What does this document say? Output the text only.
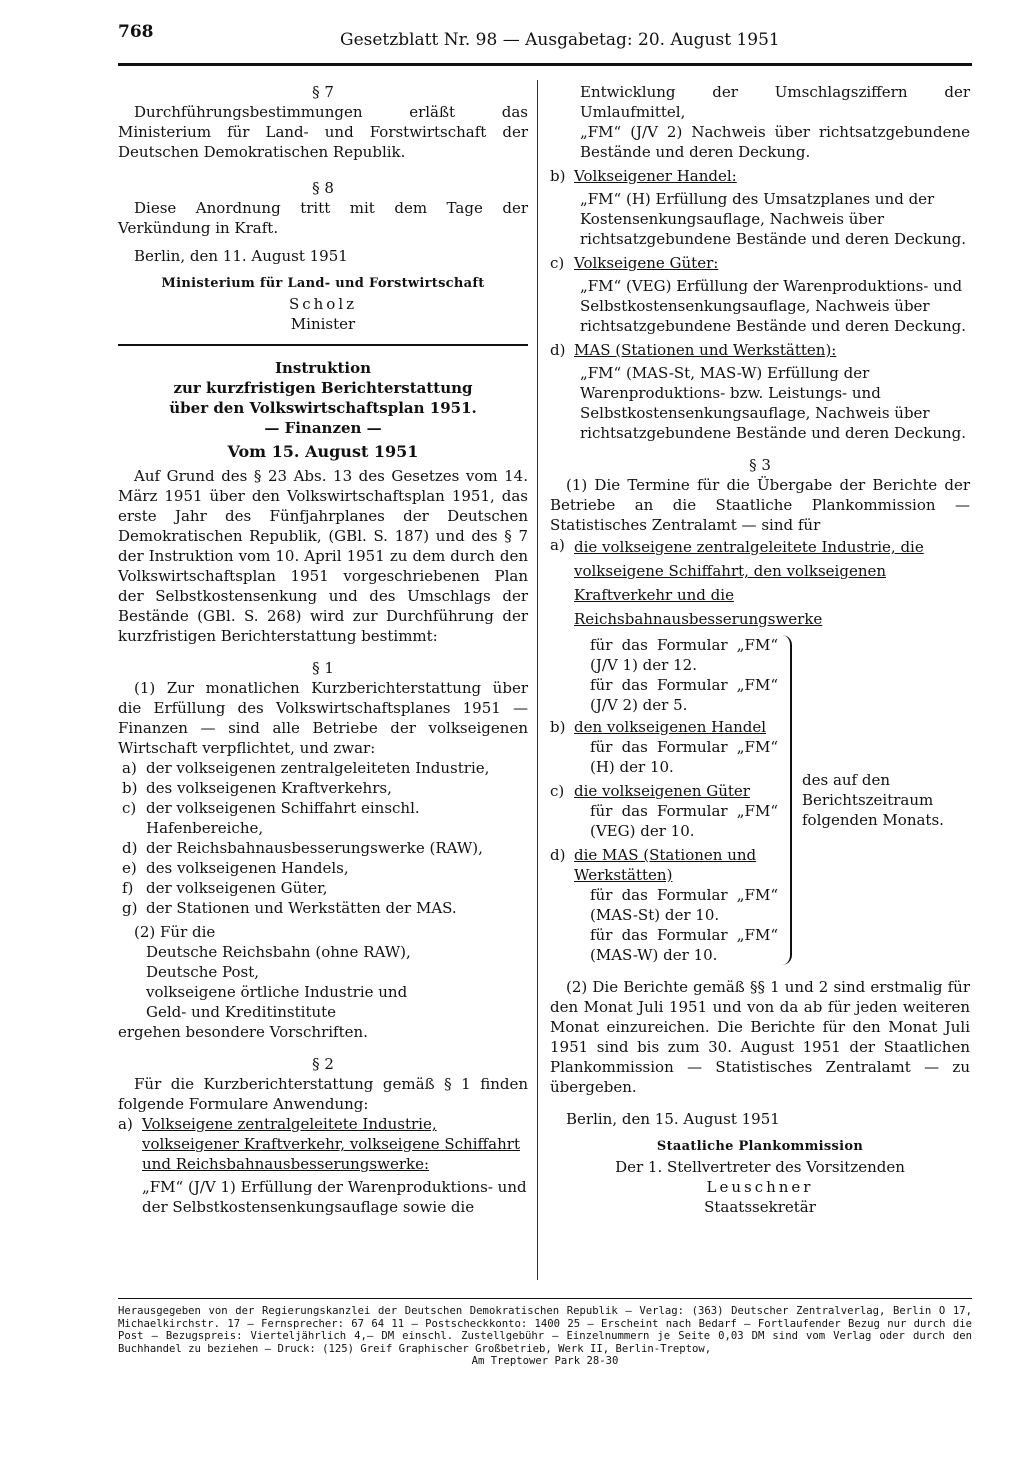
768	Gesetzblatt Nr. 98 — Ausgabetag: 20. August 1951

§ 7

Durchführungsbestimmungen erläßt das Ministerium für Land- und Forstwirtschaft der Deutschen Demokratischen Republik.

§ 8

Diese Anordnung tritt mit dem Tage der Verkündung in Kraft.

Berlin, den 11. August 1951

Ministerium für Land- und Forstwirtschaft

Scholz

Minister

Instruktion

zur kurzfristigen Berichterstattung

über den Volkswirtschaftsplan 1951.

— Finanzen —

Vom 15. August 1951

Auf Grund des § 23 Abs. 13 des Gesetzes vom 14. März 1951 über den Volkswirtschaftsplan 1951, das erste Jahr des Fünfjahrplanes der Deutschen Demokratischen Republik, (GBl. S. 187) und des § 7 der Instruktion vom 10. April 1951 zu dem durch den Volkswirtschaftsplan 1951 vorgeschriebenen Plan der Selbstkostensenkung und des Umschlags der Bestände (GBl. S. 268) wird zur Durchführung der kurzfristigen Berichterstattung bestimmt:

§ 1

(1) Zur monatlichen Kurzberichterstattung über die Erfüllung des Volkswirtschaftsplanes 1951 — Finanzen — sind alle Betriebe der volkseigenen Wirtschaft verpflichtet, und zwar:

a) der volkseigenen zentralgeleiteten Industrie,
b) des volkseigenen Kraftverkehrs,
c) der volkseigenen Schiffahrt einschl. Hafenbereiche,
d) der Reichsbahnausbesserungswerke (RAW),
e) des volkseigenen Handels,
f) der volkseigenen Güter,
g) der Stationen und Werkstätten der MAS.

(2) Für die

Deutsche Reichsbahn (ohne RAW),

Deutsche Post,

volkseigene örtliche Industrie und

Geld- und Kreditinstitute

ergehen besondere Vorschriften.

§ 2

Für die Kurzberichterstattung gemäß § 1 finden folgende Formulare Anwendung:

a) Volkseigene zentralgeleitete Industrie, volkseigener Kraftverkehr, volkseigene Schiffahrt und Reichsbahnausbesserungswerke:
„FM“ (J/V 1) Erfüllung der Warenproduktions- und der Selbstkostensenkungsauflage sowie die

Entwicklung der Umschlagsziffern der Umlaufmittel,

„FM“ (J/V 2) Nachweis über richtsatzgebundene Bestände und deren Deckung.

b) Volkseigener Handel:
„FM“ (H) Erfüllung des Umsatzplanes und der Kostensenkungsauflage, Nachweis über richtsatzgebundene Bestände und deren Deckung.
c) Volkseigene Güter:
„FM“ (VEG) Erfüllung der Warenproduktions- und Selbstkostensenkungsauflage, Nachweis über richtsatzgebundene Bestände und deren Deckung.
d) MAS (Stationen und Werkstätten):
„FM“ (MAS-St, MAS-W) Erfüllung der Warenproduktions- bzw. Leistungs- und Selbstkostensenkungsauflage, Nachweis über richtsatzgebundene Bestände und deren Deckung.

§ 3

(1) Die Termine für die Übergabe der Berichte der Betriebe an die Staatliche Plankommission — Statistisches Zentralamt — sind für

a) die volkseigene zentralgeleitete Industrie, die volkseigene Schiffahrt, den volkseigenen Kraftverkehr und die Reichsbahnausbesserungswerke

für das Formular „FM“ (J/V 1) der 12.

für das Formular „FM“ (J/V 2) der 5.

b) den volkseigenen Handel

für das Formular „FM“ (H) der 10.

c) die volkseigenen Güter

für das Formular „FM“ (VEG) der 10.

d) die MAS (Stationen und Werkstätten)

für das Formular „FM“ (MAS-St) der 10.

für das Formular „FM“ (MAS-W) der 10.

des auf den Berichtszeitraum folgenden Monats.

(2) Die Berichte gemäß §§ 1 und 2 sind erstmalig für den Monat Juli 1951 und von da ab für jeden weiteren Monat einzureichen. Die Berichte für den Monat Juli 1951 sind bis zum 30. August 1951 der Staatlichen Plankommission — Statistisches Zentralamt — zu übergeben.

Berlin, den 15. August 1951

Staatliche Plankommission

Der 1. Stellvertreter des Vorsitzenden

Leuschner

Staatssekretär

Herausgegeben von der Regierungskanzlei der Deutschen Demokratischen Republik — Verlag: (363) Deutscher Zentralverlag, Berlin O 17, Michaelkirchstr. 17 — Fernsprecher: 67 64 11 — Postscheckkonto: 1400 25 — Erscheint nach Bedarf — Fortlaufender Bezug nur durch die Post — Bezugspreis: Vierteljährlich 4,— DM einschl. Zustellgebühr — Einzelnummern je Seite 0,03 DM sind vom Verlag oder durch den Buchhandel zu beziehen — Druck: (125) Greif Graphischer Großbetrieb, Werk II, Berlin-Treptow,
Am Treptower Park 28-30
